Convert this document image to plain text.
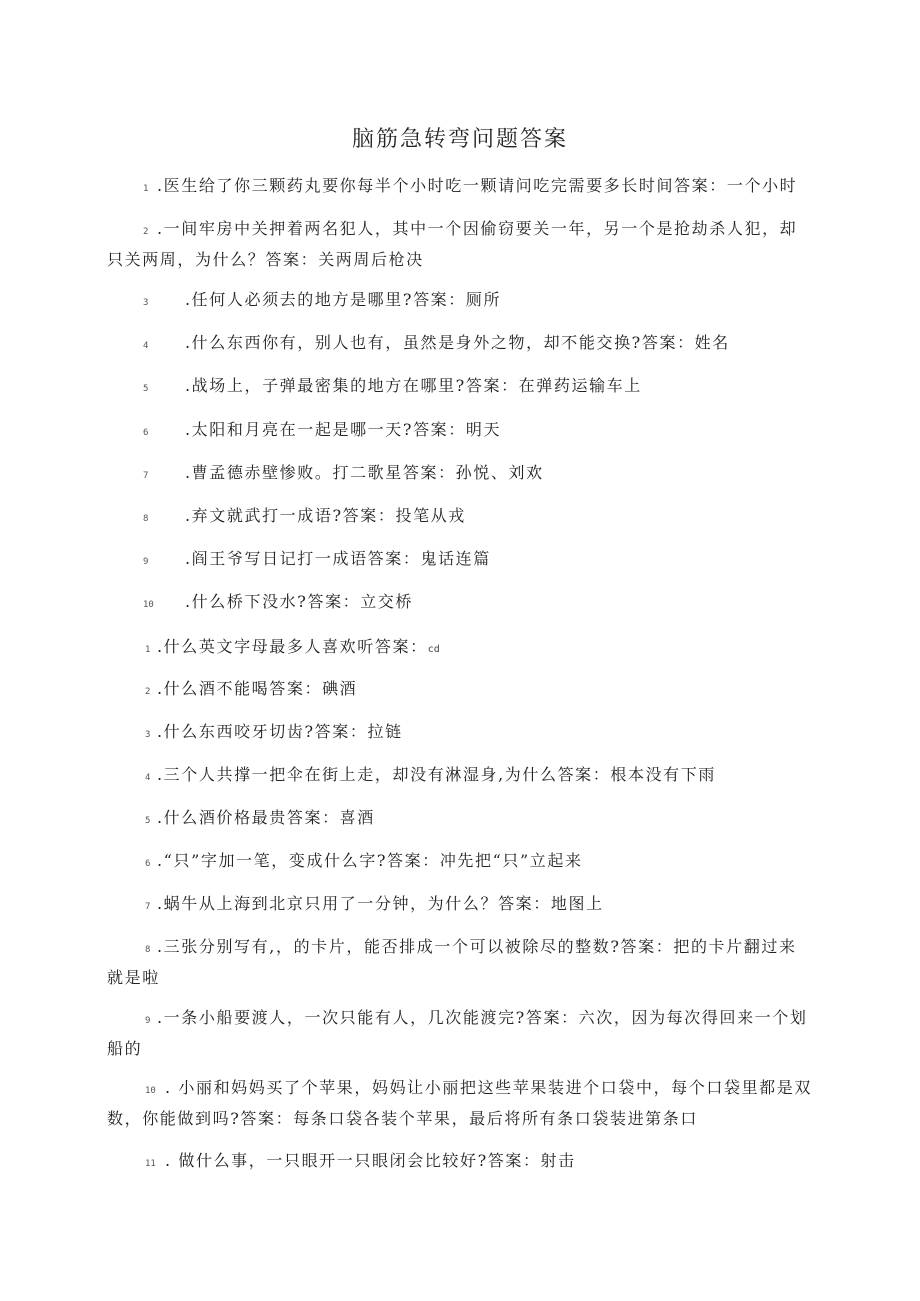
脑筋急转弯问题答案
1 .医生给了你三颗药丸要你每半个小时吃一颗请问吃完需要多长时间答案：一个小时
2 .一间牢房中关押着两名犯人，其中一个因偷窃要关一年，另一个是抢劫杀人犯，却
只关两周，为什么？答案：关两周后枪决
3 .任何人必须去的地方是哪里?答案：厕所
4 .什么东西你有，别人也有，虽然是身外之物，却不能交换?答案：姓名
5 .战场上，子弹最密集的地方在哪里?答案：在弹药运输车上
6 .太阳和月亮在一起是哪一天?答案：明天
7 .曹孟德赤壁惨败。打二歌星答案：孙悦、刘欢
8 .弃文就武打一成语?答案：投笔从戎
9 .阎王爷写日记打一成语答案：鬼话连篇
10 .什么桥下没水?答案：立交桥
1 .什么英文字母最多人喜欢听答案：cd
2 .什么酒不能喝答案：碘酒
3 .什么东西咬牙切齿?答案：拉链
4 .三个人共撑一把伞在街上走，却没有淋湿身,为什么答案：根本没有下雨
5 .什么酒价格最贵答案：喜酒
6 .“只”字加一笔，变成什么字?答案：冲先把“只”立起来
7 .蜗牛从上海到北京只用了一分钟，为什么？答案：地图上
8 .三张分别写有,，的卡片，能否排成一个可以被除尽的整数?答案：把的卡片翻过来
就是啦
9 .一条小船要渡人，一次只能有人，几次能渡完?答案：六次，因为每次得回来一个划
船的
10 . 小丽和妈妈买了个苹果，妈妈让小丽把这些苹果装进个口袋中，每个口袋里都是双
数，你能做到吗?答案：每条口袋各装个苹果，最后将所有条口袋装进第条口
11 . 做什么事，一只眼开一只眼闭会比较好?答案：射击
